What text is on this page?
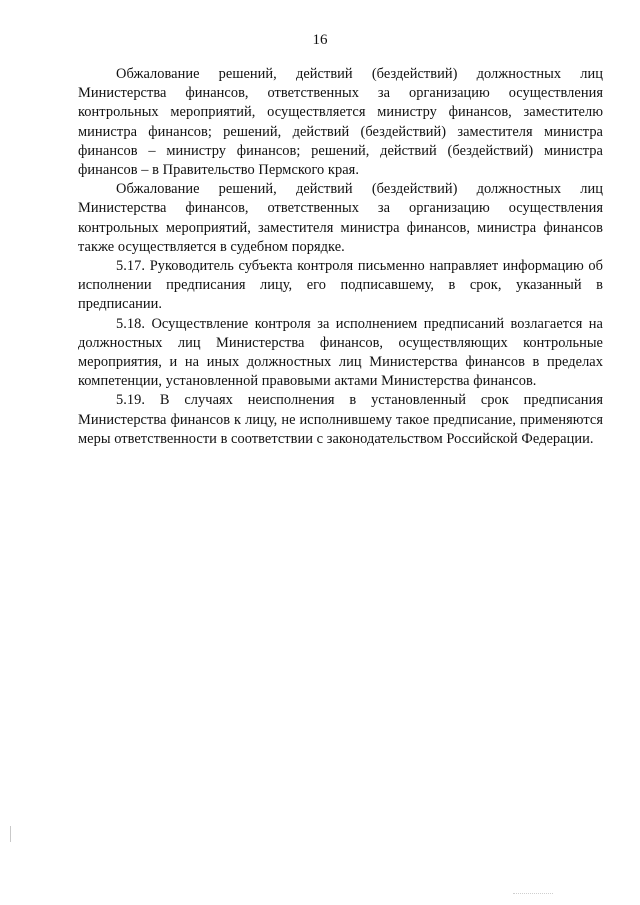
16

Обжалование решений, действий (бездействий) должностных лиц Министерства финансов, ответственных за организацию осуществления контрольных мероприятий, осуществляется министру финансов, заместителю министра финансов; решений, действий (бездействий) заместителя министра финансов – министру финансов; решений, действий (бездействий) министра финансов – в Правительство Пермского края.

Обжалование решений, действий (бездействий) должностных лиц Министерства финансов, ответственных за организацию осуществления контрольных мероприятий, заместителя министра финансов, министра финансов также осуществляется в судебном порядке.

5.17. Руководитель субъекта контроля письменно направляет информацию об исполнении предписания лицу, его подписавшему, в срок, указанный в предписании.

5.18. Осуществление контроля за исполнением предписаний возлагается на должностных лиц Министерства финансов, осуществляющих контрольные мероприятия, и на иных должностных лиц Министерства финансов в пределах компетенции, установленной правовыми актами Министерства финансов.

5.19. В случаях неисполнения в установленный срок предписания Министерства финансов к лицу, не исполнившему такое предписание, применяются меры ответственности в соответствии с законодательством Российской Федерации.
